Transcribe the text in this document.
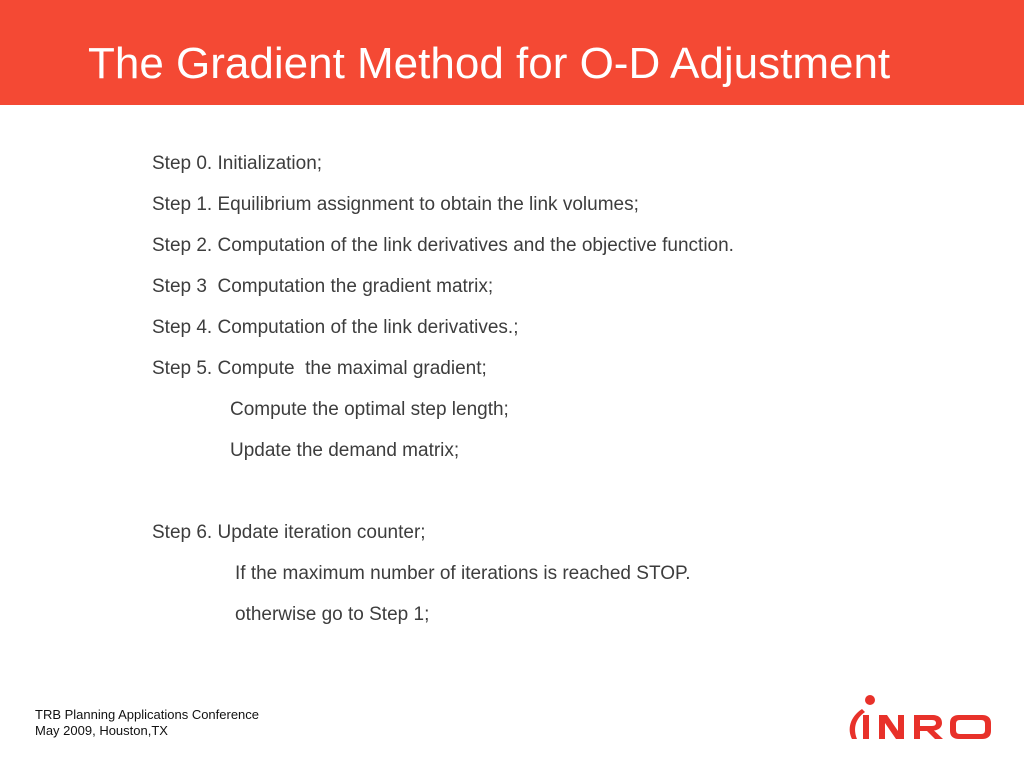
The Gradient Method for O-D Adjustment
Step 0. Initialization;
Step 1. Equilibrium assignment to obtain the link volumes;
Step 2. Computation of the link derivatives and the objective function.
Step 3  Computation the gradient matrix;
Step 4. Computation of the link derivatives.;
Step 5. Compute  the maximal gradient;
Compute the optimal step length;
Update the demand matrix;
Step 6. Update iteration counter;
If the maximum number of iterations is reached STOP.
otherwise go to Step 1;
TRB Planning Applications Conference
May 2009, Houston,TX
